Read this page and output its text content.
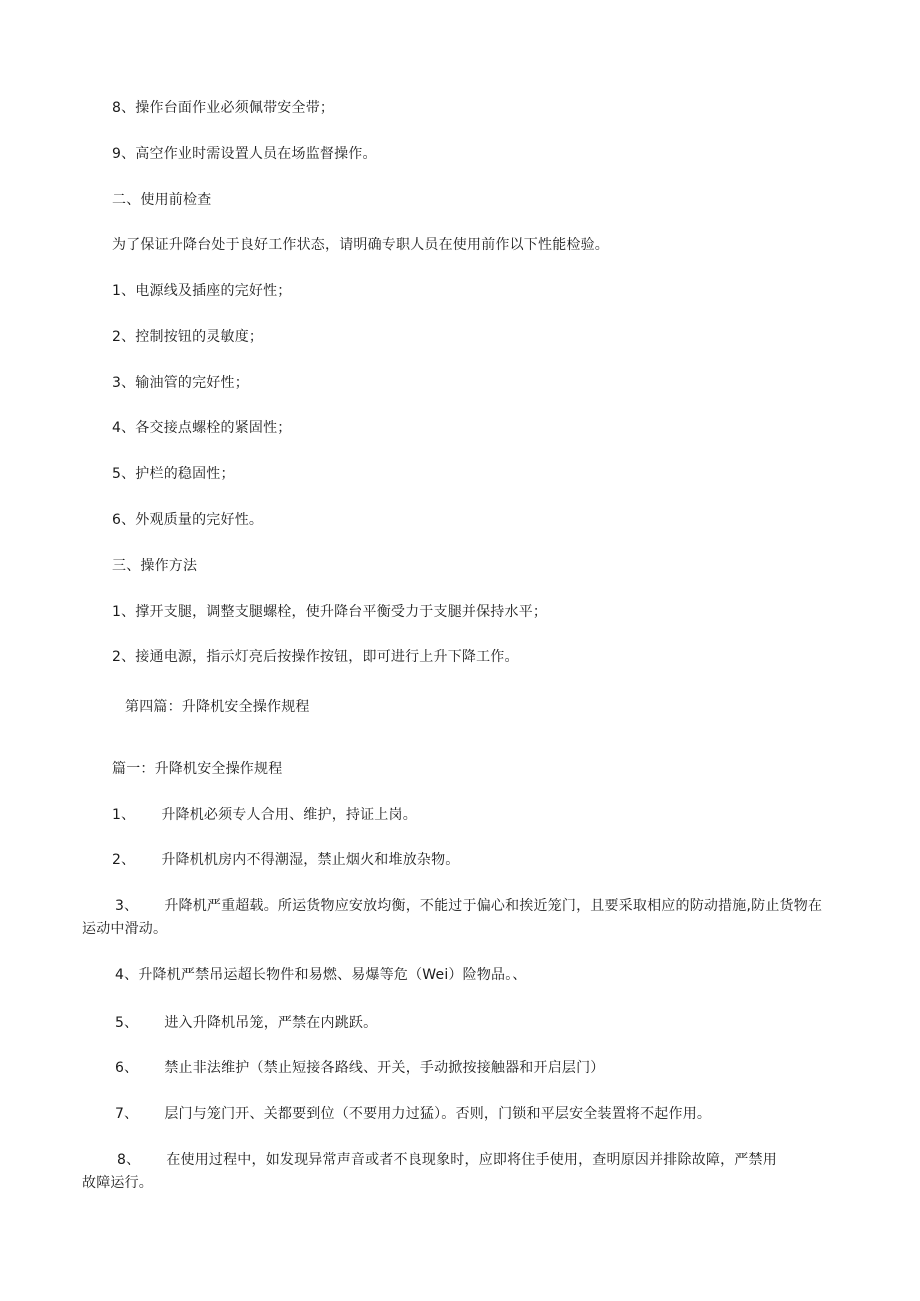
8、操作台面作业必须佩带安全带；
9、高空作业时需设置人员在场监督操作。
二、使用前检查
为了保证升降台处于良好工作状态，请明确专职人员在使用前作以下性能检验。
1、电源线及插座的完好性；
2、控制按钮的灵敏度；
3、输油管的完好性；
4、各交接点螺栓的紧固性；
5、护栏的稳固性；
6、外观质量的完好性。
三、操作方法
1、撑开支腿，调整支腿螺栓，使升降台平衡受力于支腿并保持水平；
2、接通电源，指示灯亮后按操作按钮，即可进行上升下降工作。
第四篇：升降机安全操作规程
篇一：升降机安全操作规程
1、 升降机必须专人合用、维护，持证上岗。
2、 升降机机房内不得潮湿，禁止烟火和堆放杂物。
3、 升降机严重超载。所运货物应安放均衡，不能过于偏心和挨近笼门，且要采取相应的防动措施,防止货物在
运动中滑动。
4、升降机严禁吊运超长物件和易燃、易爆等危（Wei）险物品。、
5、 进入升降机吊笼，严禁在内跳跃。
6、 禁止非法维护（禁止短接各路线、开关，手动掀按接触器和开启层门）
7、 层门与笼门开、关都要到位（不要用力过猛）。否则，门锁和平层安全装置将不起作用。
8、 在使用过程中，如发现异常声音或者不良现象时，应即将住手使用，查明原因并排除故障，严禁用
故障运行。
